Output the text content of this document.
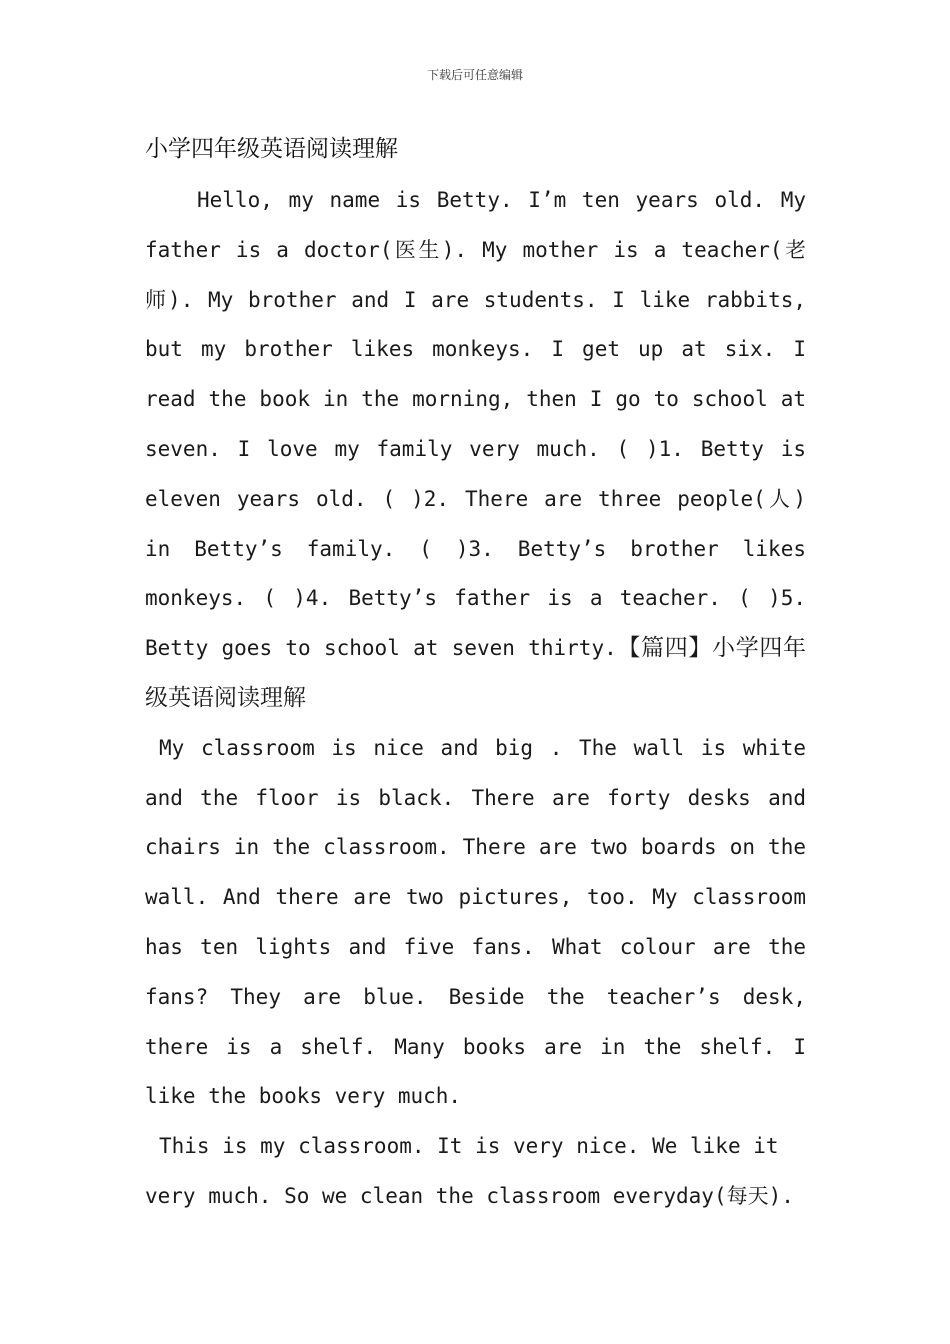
下载后可任意编辑
小学四年级英语阅读理解

Hello, my name is Betty. I’m ten years old. My father is a doctor(医生). My mother is a teacher(老师). My brother and I are students. I like rabbits, but my brother likes monkeys. I get up at six. I read the book in the morning, then I go to school at seven. I love my family very much. ( )1. Betty is eleven years old. ( )2. There are three people(人) in Betty’s family. ( )3. Betty’s brother likes monkeys. ( )4. Betty’s father is a teacher. ( )5. Betty goes to school at seven thirty.【篇四】小学四年级英语阅读理解

My classroom is nice and big . The wall is white and the floor is black. There are forty desks and chairs in the classroom. There are two boards on the wall. And there are two pictures, too. My classroom has ten lights and five fans. What colour are the fans? They are blue. Beside the teacher’s desk, there is a shelf. Many books are in the shelf. I like the books very much.

This is my classroom. It is very nice. We like it

very much. So we clean the classroom everyday(每天).
